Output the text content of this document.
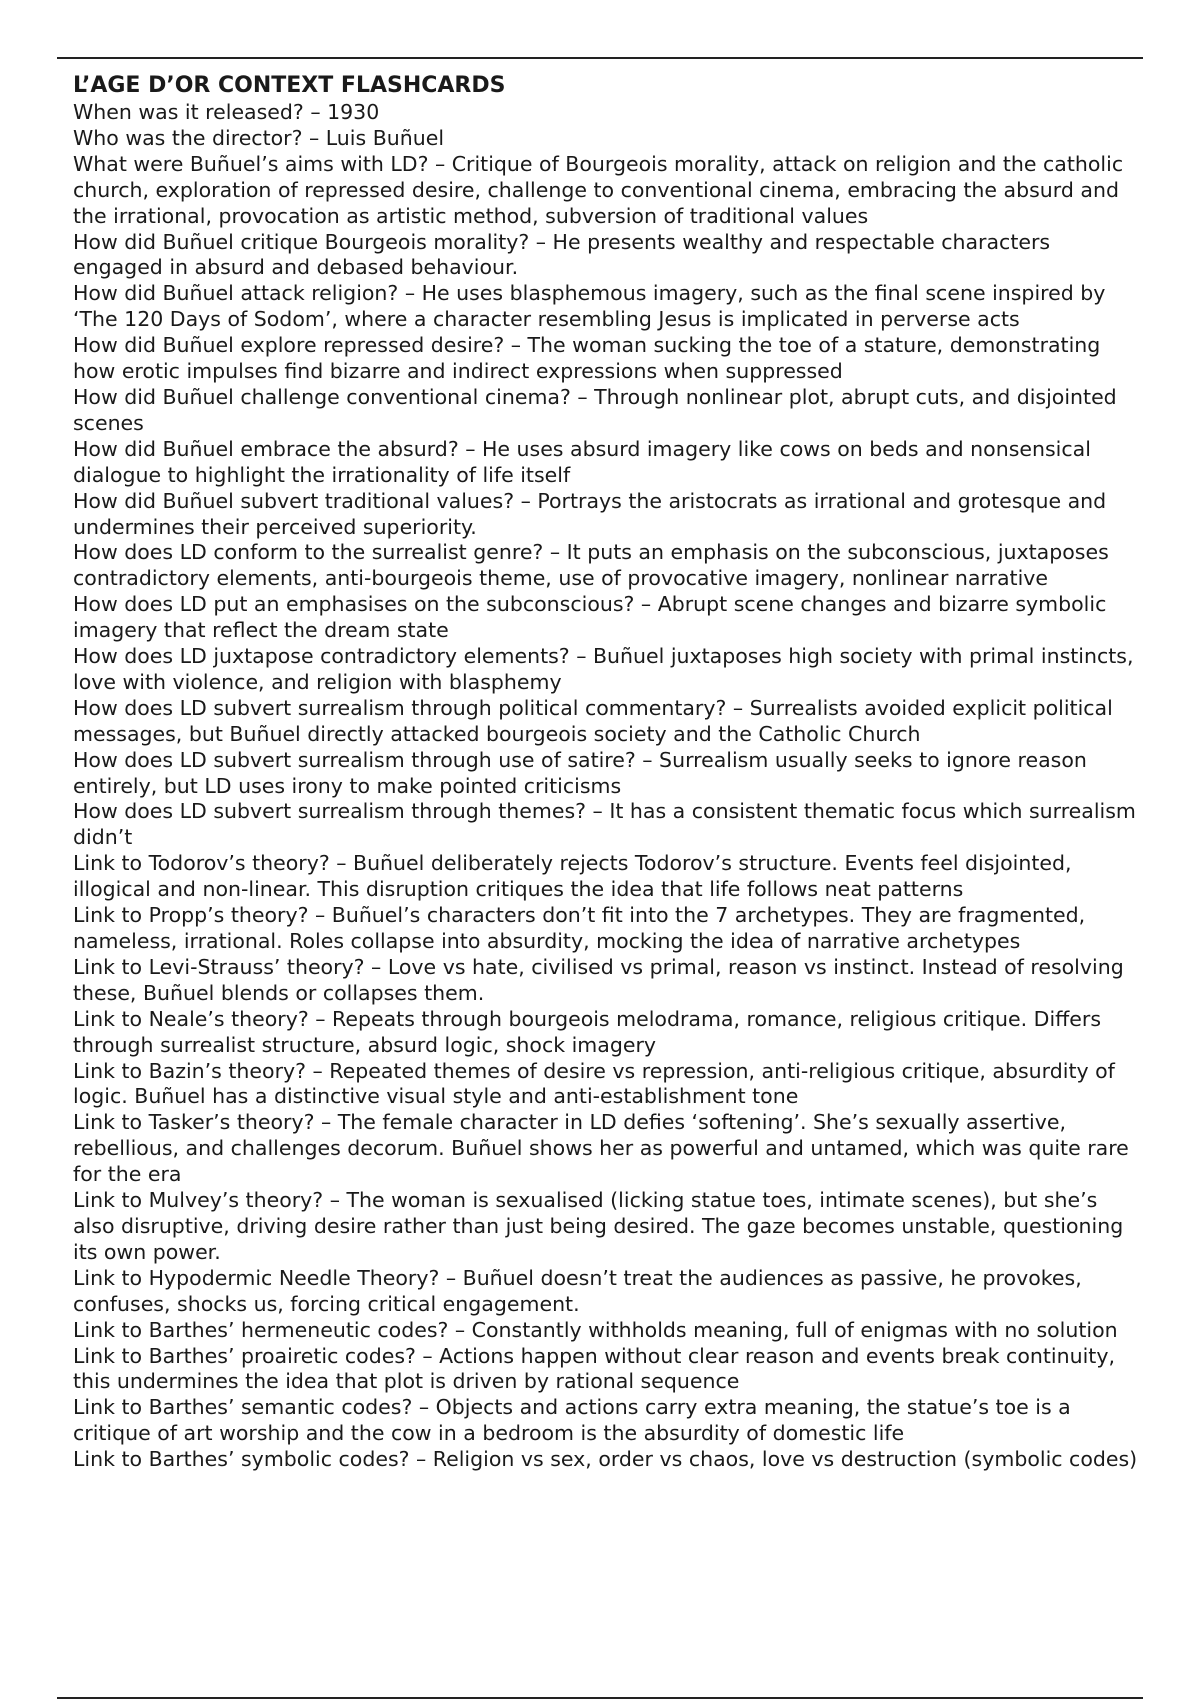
L’AGE D’OR CONTEXT FLASHCARDS

When was it released? – 1930

Who was the director? – Luis Buñuel

What were Buñuel’s aims with LD? – Critique of Bourgeois morality, attack on religion and the catholic church, exploration of repressed desire, challenge to conventional cinema, embracing the absurd and the irrational, provocation as artistic method, subversion of traditional values

How did Buñuel critique Bourgeois morality? – He presents wealthy and respectable characters engaged in absurd and debased behaviour.

How did Buñuel attack religion? – He uses blasphemous imagery, such as the final scene inspired by ‘The 120 Days of Sodom’, where a character resembling Jesus is implicated in perverse acts

How did Buñuel explore repressed desire? – The woman sucking the toe of a stature, demonstrating how erotic impulses find bizarre and indirect expressions when suppressed

How did Buñuel challenge conventional cinema? – Through nonlinear plot, abrupt cuts, and disjointed scenes

How did Buñuel embrace the absurd? – He uses absurd imagery like cows on beds and nonsensical dialogue to highlight the irrationality of life itself

How did Buñuel subvert traditional values? – Portrays the aristocrats as irrational and grotesque and undermines their perceived superiority.

How does LD conform to the surrealist genre? – It puts an emphasis on the subconscious, juxtaposes contradictory elements, anti-bourgeois theme, use of provocative imagery, nonlinear narrative

How does LD put an emphasises on the subconscious? – Abrupt scene changes and bizarre symbolic imagery that reflect the dream state

How does LD juxtapose contradictory elements? – Buñuel juxtaposes high society with primal instincts, love with violence, and religion with blasphemy

How does LD subvert surrealism through political commentary? – Surrealists avoided explicit political messages, but Buñuel directly attacked bourgeois society and the Catholic Church

How does LD subvert surrealism through use of satire? – Surrealism usually seeks to ignore reason entirely, but LD uses irony to make pointed criticisms

How does LD subvert surrealism through themes? – It has a consistent thematic focus which surrealism didn’t

Link to Todorov’s theory? – Buñuel deliberately rejects Todorov’s structure. Events feel disjointed, illogical and non-linear. This disruption critiques the idea that life follows neat patterns

Link to Propp’s theory? – Buñuel’s characters don’t fit into the 7 archetypes. They are fragmented, nameless, irrational. Roles collapse into absurdity, mocking the idea of narrative archetypes

Link to Levi-Strauss’ theory? – Love vs hate, civilised vs primal, reason vs instinct. Instead of resolving these, Buñuel blends or collapses them.

Link to Neale’s theory? – Repeats through bourgeois melodrama, romance, religious critique. Differs through surrealist structure, absurd logic, shock imagery

Link to Bazin’s theory? – Repeated themes of desire vs repression, anti-religious critique, absurdity of logic. Buñuel has a distinctive visual style and anti-establishment tone

Link to Tasker’s theory? – The female character in LD defies ‘softening’. She’s sexually assertive, rebellious, and challenges decorum. Buñuel shows her as powerful and untamed, which was quite rare for the era

Link to Mulvey’s theory? – The woman is sexualised (licking statue toes, intimate scenes), but she’s also disruptive, driving desire rather than just being desired. The gaze becomes unstable, questioning its own power.

Link to Hypodermic Needle Theory? – Buñuel doesn’t treat the audiences as passive, he provokes, confuses, shocks us, forcing critical engagement.

Link to Barthes’ hermeneutic codes? – Constantly withholds meaning, full of enigmas with no solution

Link to Barthes’ proairetic codes? – Actions happen without clear reason and events break continuity, this undermines the idea that plot is driven by rational sequence

Link to Barthes’ semantic codes? – Objects and actions carry extra meaning, the statue’s toe is a critique of art worship and the cow in a bedroom is the absurdity of domestic life

Link to Barthes’ symbolic codes? – Religion vs sex, order vs chaos, love vs destruction (symbolic codes)
